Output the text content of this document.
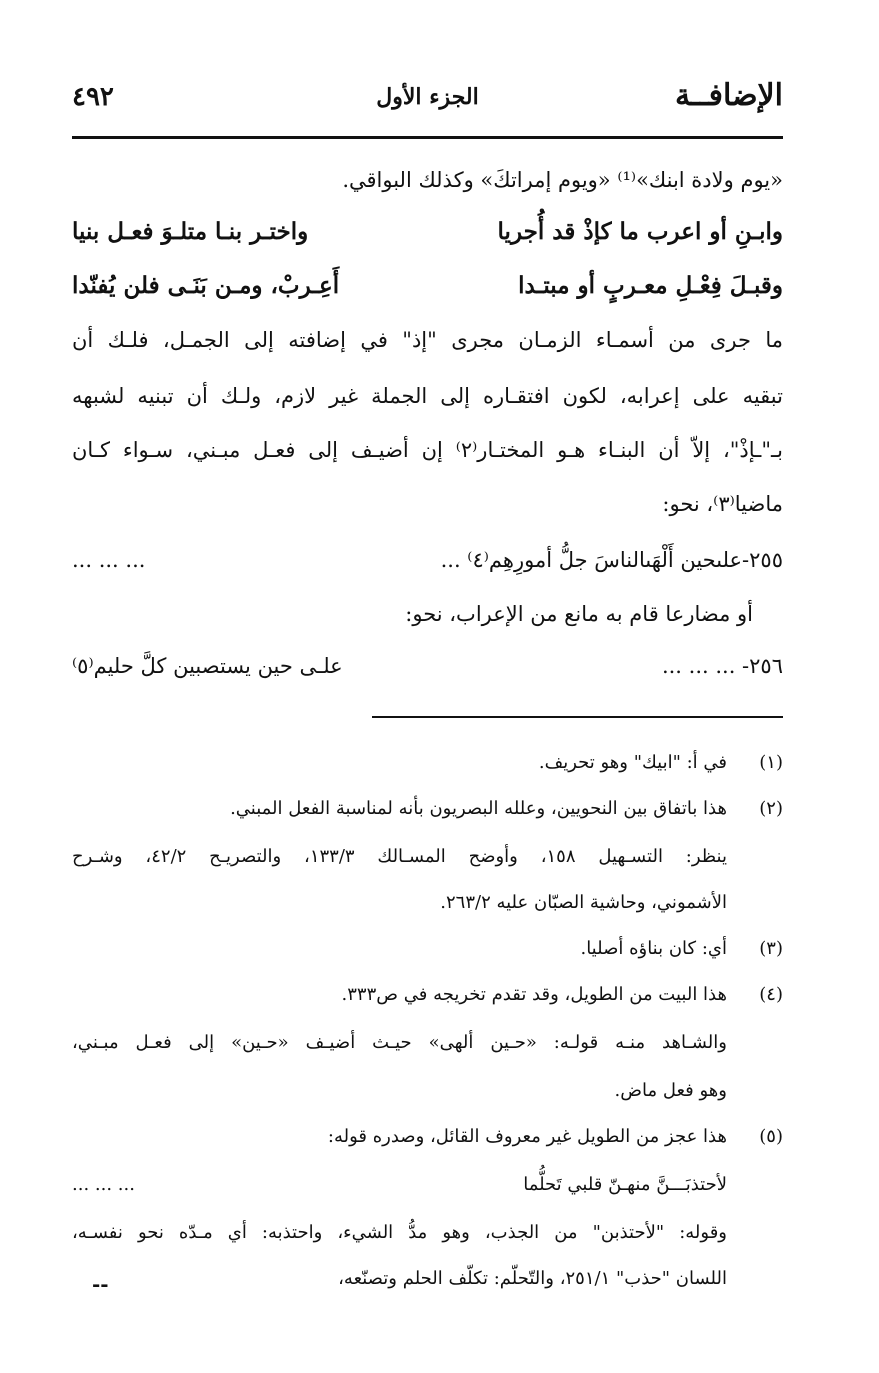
الإضافــة
الجزء الأول
٤٩٢
«يوم ولادة ابنك»⁽¹⁾ «ويوم إمراتكَ» وكذلك البواقي.
وابـنِ أو اعرب ما كإذْ قد أُجريا
واختـر بنـا متلـوَ فعـل بنيا
وقبـلَ فِعْـلِ معـربٍ أو مبتـدا
أَعِـربْ، ومـن بَنَـى فلن يُفنّدا
ما جرى من أسمـاء الزمـان مجرى "إذ" في إضافته إلى الجمـل، فلـك أن
تبقيه على إعرابه، لكون افتقـاره إلى الجملة غير لازم، ولـك أن تبنيه لشبهه
بـ"ـإذْ"، إلاّ أن البنـاء هـو المختـار⁽٢⁾ إن أضيـف إلى فعـل مبـني، سـواء كـان
ماضيا⁽٣⁾، نحو:
٢٥٥-علىحين أَلْهَىالناسَ جلُّ أمورِهِم⁽٤⁾ ...
... ... ...
أو مضارعا قام به مانع من الإعراب، نحو:
٢٥٦- ... ... ...
علـى حين يستصبين كلَّ حليم⁽٥⁾
(١)
في أ: "ابيك" وهو تحريف.
(٢)
هذا باتفاق بين النحويين، وعلله البصريون بأنه لمناسبة الفعل المبني.
ينظر: التسـهيل ١٥٨، وأوضح المسـالك ١٣٣/٣، والتصريـح ٤٢/٢، وشـرح
الأشموني، وحاشية الصبّان عليه ٢٦٣/٢.
(٣)
أي: كان بناؤه أصليا.
(٤)
هذا البيت من الطويل، وقد تقدم تخريجه في ص٣٣٣.
والشـاهد منـه قولـه: «حـين ألهى» حيـث أضيـف «حـين» إلى فعـل مبـني،
وهو فعل ماض.
(٥)
هذا عجز من الطويل غير معروف القائل، وصدره قوله:
لأحتذبَـــنَّ منهـنّ قلبي تَحلُّما
... ... ...
وقوله: "لأحتذبن" من الجذب، وهو مدُّ الشيء، واحتذبه: أي مـدّه نحو نفسـه،
اللسان "حذب" ٢٥١/١، والتّحلّم: تكلّف الحلم وتصنّعه،
--
